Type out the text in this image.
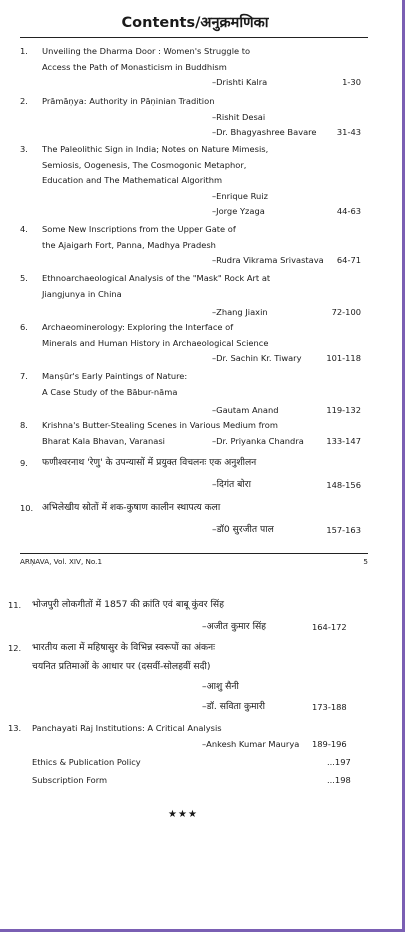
Contents/अनुक्रमणिका
1.	Unveiling the Dharma Door : Women's Struggle to
Access the Path of Monasticism in Buddhism
–Drishti Kalra	1-30
2.	Prāmāṇya: Authority in Pāṇinian Tradition
–Rishit Desai
–Dr. Bhagyashree Bavare 31-43
3.	The Paleolithic Sign in India; Notes on Nature Mimesis,
Semiosis, Oogenesis, The Cosmogonic Metaphor,
Education and The Mathematical Algorithm
–Enrique Ruiz
–Jorge Yzaga	44-63
4.	Some New Inscriptions from the Upper Gate of
the Ajaigarh Fort, Panna, Madhya Pradesh
–Rudra Vikrama Srivastava 64-71
5.	Ethnoarchaeological Analysis of the "Mask" Rock Art at
Jiangjunya in China
–Zhang Jiaxin	72-100
6.	Archaeominerology: Exploring the Interface of
Minerals and Human History in Archaeological Science
–Dr. Sachin Kr. Tiwary	101-118
7.	Manṣūr's Early Paintings of Nature:
A Case Study of the Bābur-nāma
–Gautam Anand	119-132
8.	Krishna's Butter-Stealing Scenes in Various Medium from
Bharat Kala Bhavan, Varanasi	–Dr. Priyanka Chandra	133-147
9.	फणीश्वरनाथ 'रेणु' के उपन्यासों में प्रयुक्त विचलनः एक अनुशीलन
–दिगंत बोरा	148-156
10. अभिलेखीय स्रोतों में शक-कुषाण कालीन स्थापत्य कला
–डॉ0 सुरजीत पाल	157-163
ARṆAVA, Vol. XIV, No.1	5
11. भोजपुरी लोकगीतों में 1857 की क्रांति एवं बाबू कुंवर सिंह
–अजीत कुमार सिंह	164-172
12. भारतीय कला में महिषासुर के विभिन्न स्वरूपों का अंकनः
चयनित प्रतिमाओं के आधार पर (दसवीं-सोलहवीं सदी)
–आशु सैनी
–डॉ. सविता कुमारी	173-188
13. Panchayati Raj Institutions: A Critical Analysis
–Ankesh Kumar Maurya 189-196
Ethics & Publication Policy	...197
Subscription Form	...198
★★★
